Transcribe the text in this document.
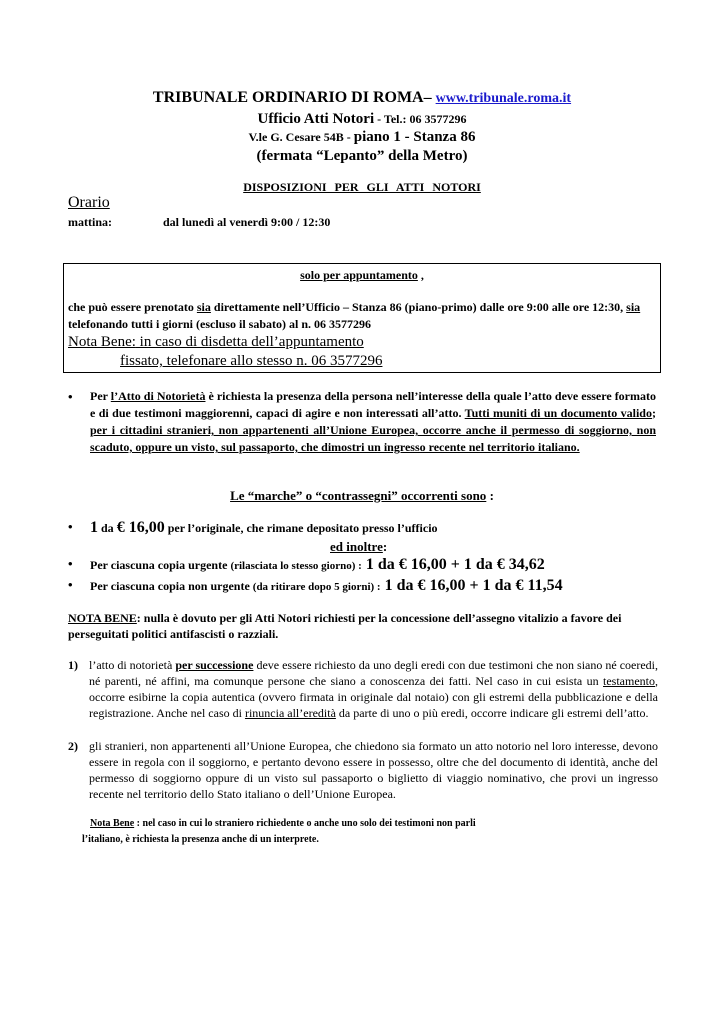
TRIBUNALE ORDINARIO DI ROMA– www.tribunale.roma.it
Ufficio Atti Notori - Tel.: 06 3577296
V.le G. Cesare 54B - piano 1 - Stanza 86
(fermata “Lepanto” della Metro)
DISPOSIZIONI PER GLI ATTI NOTORI
Orario
mattina:	dal lunedì al venerdì 9:00 / 12:30
solo per appuntamento ,
che può essere prenotato sia direttamente nell’Ufficio – Stanza 86 (piano-primo) dalle ore 9:00 alle ore 12:30, sia telefonando tutti i giorni (escluso il sabato) al n. 06 3577296
Nota Bene: in caso di disdetta dell’appuntamento
fissato, telefonare allo stesso n. 06 3577296
• Per l’Atto di Notorietà è richiesta la presenza della persona nell’interesse della quale l’atto deve essere formato e di due testimoni maggiorenni, capaci di agire e non interessati all’atto. Tutti muniti di un documento valido; per i cittadini stranieri, non appartenenti all’Unione Europea, occorre anche il permesso di soggiorno, non scaduto, oppure un visto, sul passaporto, che dimostri un ingresso recente nel territorio italiano.
Le “marche” o “contrassegni” occorrenti sono :
• 1 da € 16,00 per l’originale, che rimane depositato presso l’ufficio
ed inoltre:
• Per ciascuna copia urgente (rilasciata lo stesso giorno) : 1 da € 16,00 + 1 da € 34,62
• Per ciascuna copia non urgente (da ritirare dopo 5 giorni) : 1 da € 16,00 + 1 da € 11,54
NOTA BENE: nulla è dovuto per gli Atti Notori richiesti per la concessione dell’assegno vitalizio a favore dei perseguitati politici antifascisti o razziali.
1) l’atto di notorietà per successione deve essere richiesto da uno degli eredi con due testimoni che non siano né coeredi, né parenti, né affini, ma comunque persone che siano a conoscenza dei fatti. Nel caso in cui esista un testamento, occorre esibirne la copia autentica (ovvero firmata in originale dal notaio) con gli estremi della pubblicazione e della registrazione. Anche nel caso di rinuncia all’eredità da parte di uno o più eredi, occorre indicare gli estremi dell’atto.
2) gli stranieri, non appartenenti all’Unione Europea, che chiedono sia formato un atto notorio nel loro interesse, devono essere in regola con il soggiorno, e pertanto devono essere in possesso, oltre che del documento di identità, anche del permesso di soggiorno oppure di un visto sul passaporto o biglietto di viaggio nominativo, che provi un ingresso recente nel territorio dello Stato italiano o dell’Unione Europea.
Nota Bene : nel caso in cui lo straniero richiedente o anche uno solo dei testimoni non parli
l’italiano, è richiesta la presenza anche di un interprete.
